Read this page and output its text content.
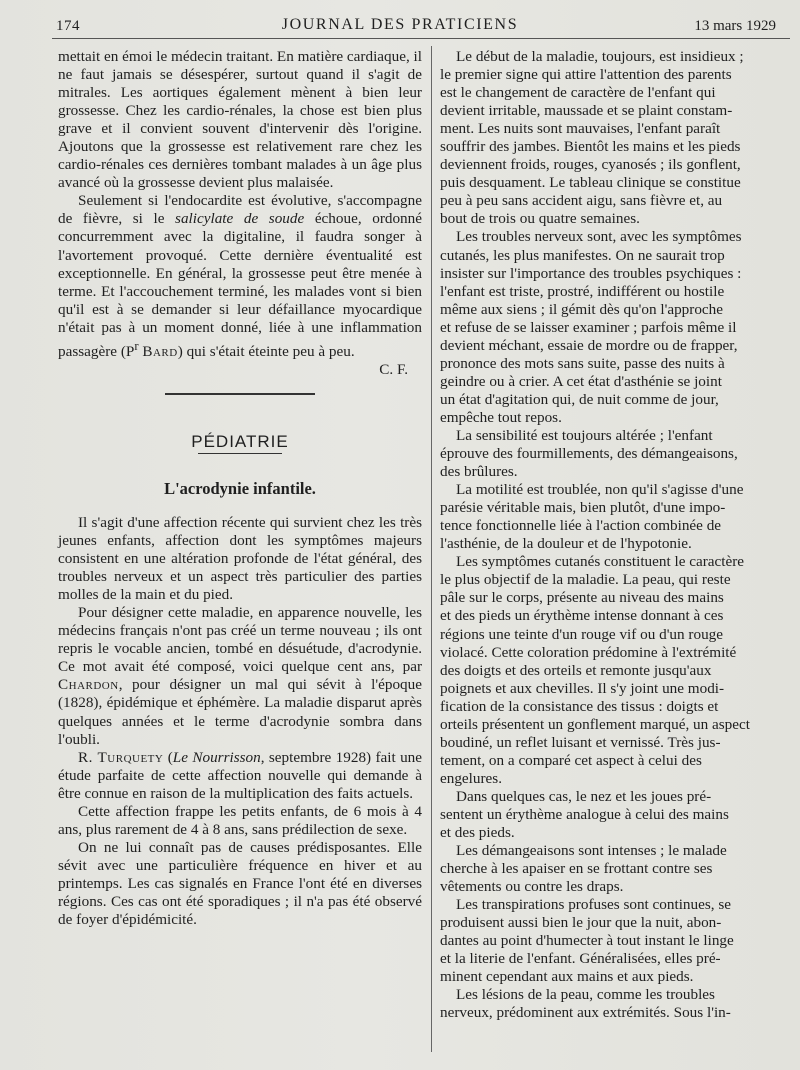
174	JOURNAL DES PRATICIENS	13 mars 1929

mettait en émoi le médecin traitant. En matière cardiaque, il ne faut jamais se désespérer, surtout quand il s'agit de mitrales. Les aortiques également mènent à bien leur grossesse. Chez les cardio-rénales, la chose est bien plus grave et il convient souvent d'intervenir dès l'origine. Ajoutons que la grossesse est relativement rare chez les cardio-rénales ces dernières tombant malades à un âge plus avancé où la grossesse devient plus malaisée.

Seulement si l'endocardite est évolutive, s'accompagne de fièvre, si le salicylate de soude échoue, ordonné concurremment avec la digitaline, il faudra songer à l'avortement provoqué. Cette dernière éventualité est exceptionnelle. En général, la grossesse peut être menée à terme. Et l'accouchement terminé, les malades vont si bien qu'il est à se demander si leur défaillance myocardique n'était pas à un moment donné, liée à une inflammation passagère ($P^r$ Bard) qui s'était éteinte peu à peu.

C. F.
PÉDIATRIE
L'acrodynie infantile.

Il s'agit d'une affection récente qui survient chez les très jeunes enfants, affection dont les symptômes majeurs consistent en une altération profonde de l'état général, des troubles nerveux et un aspect très particulier des parties molles de la main et du pied.

Pour désigner cette maladie, en apparence nouvelle, les médecins français n'ont pas créé un terme nouveau ; ils ont repris le vocable ancien, tombé en désuétude, d'acrodynie. Ce mot avait été composé, voici quelque cent ans, par Chardon, pour désigner un mal qui sévit à l'époque (1828), épidémique et éphémère. La maladie disparut après quelques années et le terme d'acrodynie sombra dans l'oubli.

R. Turquety (Le Nourrisson, septembre 1928) fait une étude parfaite de cette affection nouvelle qui demande à être connue en raison de la multiplication des faits actuels.

Cette affection frappe les petits enfants, de 6 mois à 4 ans, plus rarement de 4 à 8 ans, sans prédilection de sexe.

On ne lui connaît pas de causes prédisposantes. Elle sévit avec une particulière fréquence en hiver et au printemps. Les cas signalés en France l'ont été en diverses régions. Ces cas ont été sporadiques ; il n'a pas été observé de foyer d'épidémicité.

Le début de la maladie, toujours, est insidieux ;
le premier signe qui attire l'attention des parents
est le changement de caractère de l'enfant qui
devient irritable, maussade et se plaint constam-
ment. Les nuits sont mauvaises, l'enfant paraît
souffrir des jambes. Bientôt les mains et les pieds
deviennent froids, rouges, cyanosés ; ils gonflent,
puis desquament. Le tableau clinique se constitue
peu à peu sans accident aigu, sans fièvre et, au
bout de trois ou quatre semaines.

Les troubles nerveux sont, avec les symptômes
cutanés, les plus manifestes. On ne saurait trop
insister sur l'importance des troubles psychiques :
l'enfant est triste, prostré, indifférent ou hostile
même aux siens ; il gémit dès qu'on l'approche
et refuse de se laisser examiner ; parfois même il
devient méchant, essaie de mordre ou de frapper,
prononce des mots sans suite, passe des nuits à
geindre ou à crier. A cet état d'asthénie se joint
un état d'agitation qui, de nuit comme de jour,
empêche tout repos.

La sensibilité est toujours altérée ; l'enfant
éprouve des fourmillements, des démangeaisons,
des brûlures.

La motilité est troublée, non qu'il s'agisse d'une
parésie véritable mais, bien plutôt, d'une impo-
tence fonctionnelle liée à l'action combinée de
l'asthénie, de la douleur et de l'hypotonie.

Les symptômes cutanés constituent le caractère
le plus objectif de la maladie. La peau, qui reste
pâle sur le corps, présente au niveau des mains
et des pieds un érythème intense donnant à ces
régions une teinte d'un rouge vif ou d'un rouge
violacé. Cette coloration prédomine à l'extrémité
des doigts et des orteils et remonte jusqu'aux
poignets et aux chevilles. Il s'y joint une modi-
fication de la consistance des tissus : doigts et
orteils présentent un gonflement marqué, un aspect
boudiné, un reflet luisant et vernissé. Très jus-
tement, on a comparé cet aspect à celui des
engelures.

Dans quelques cas, le nez et les joues pré-
sentent un érythème analogue à celui des mains
et des pieds.

Les démangeaisons sont intenses ; le malade
cherche à les apaiser en se frottant contre ses
vêtements ou contre les draps.

Les transpirations profuses sont continues, se
produisent aussi bien le jour que la nuit, abon-
dantes au point d'humecter à tout instant le linge
et la literie de l'enfant. Généralisées, elles pré-
minent cependant aux mains et aux pieds.

Les lésions de la peau, comme les troubles
nerveux, prédominent aux extrémités. Sous l'in-
